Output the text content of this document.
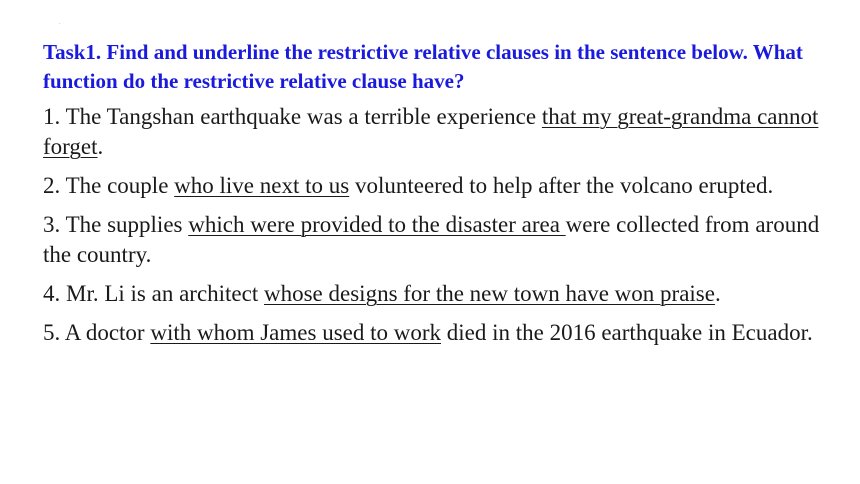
.

Task1. Find and underline the restrictive relative clauses in the sentence below. What function do the restrictive relative clause have?

1. The Tangshan earthquake was a terrible experience that my great-grandma cannot forget.

2. The couple who live next to us volunteered to help after the volcano erupted.

3. The supplies which were provided to the disaster area were collected from around the country.

4. Mr. Li is an architect whose designs for the new town have won praise.

5. A doctor with whom James used to work died in the 2016 earthquake in Ecuador.
